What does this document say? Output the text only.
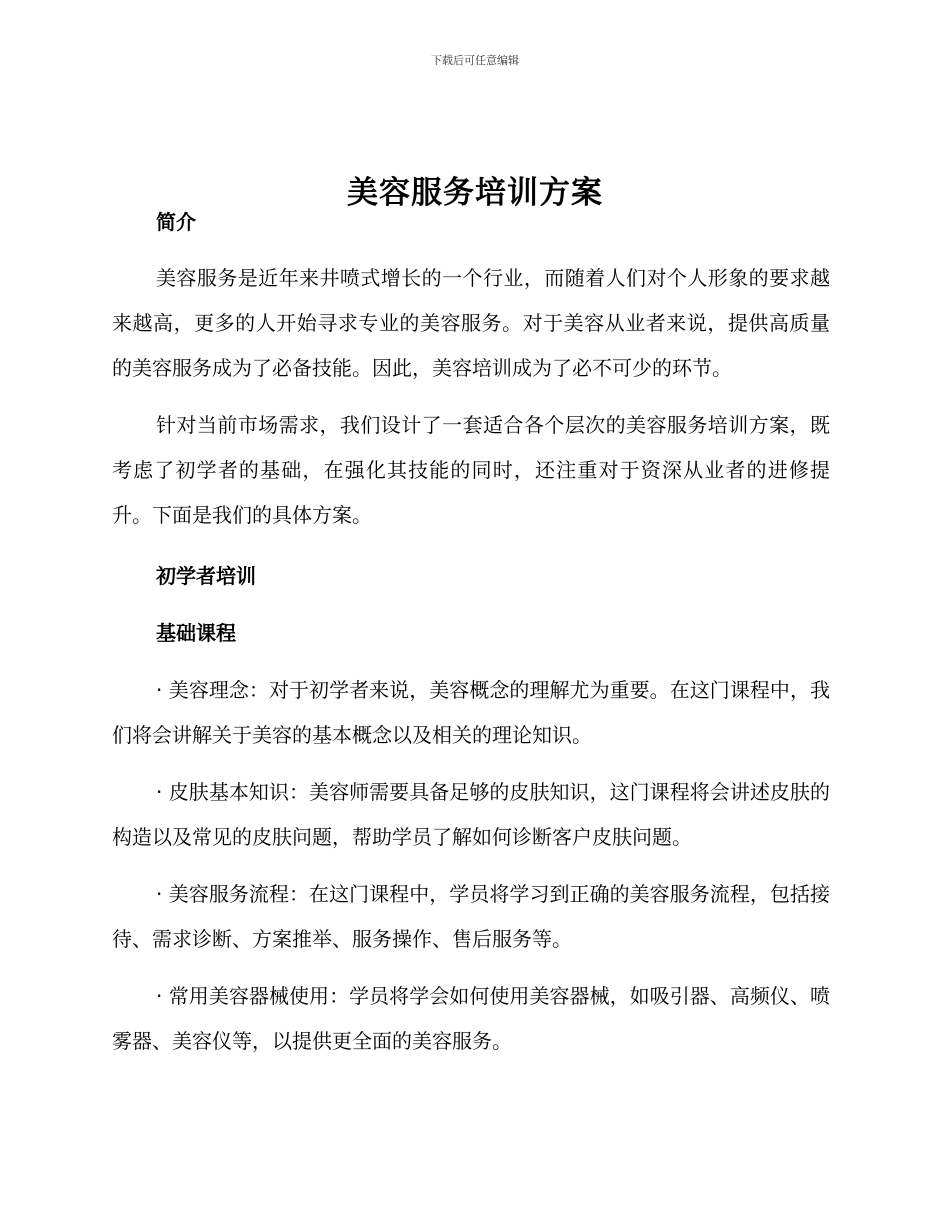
下载后可任意编辑
美容服务培训方案

简介

美容服务是近年来井喷式增长的一个行业，而随着人们对个人形象的要求越来越高，更多的人开始寻求专业的美容服务。对于美容从业者来说，提供高质量的美容服务成为了必备技能。因此，美容培训成为了必不可少的环节。

针对当前市场需求，我们设计了一套适合各个层次的美容服务培训方案，既考虑了初学者的基础，在强化其技能的同时，还注重对于资深从业者的进修提升。下面是我们的具体方案。

初学者培训

基础课程

· 美容理念：对于初学者来说，美容概念的理解尤为重要。在这门课程中，我们将会讲解关于美容的基本概念以及相关的理论知识。

· 皮肤基本知识：美容师需要具备足够的皮肤知识，这门课程将会讲述皮肤的构造以及常见的皮肤问题，帮助学员了解如何诊断客户皮肤问题。

· 美容服务流程：在这门课程中，学员将学习到正确的美容服务流程，包括接待、需求诊断、方案推举、服务操作、售后服务等。

· 常用美容器械使用：学员将学会如何使用美容器械，如吸引器、高频仪、喷雾器、美容仪等，以提供更全面的美容服务。
